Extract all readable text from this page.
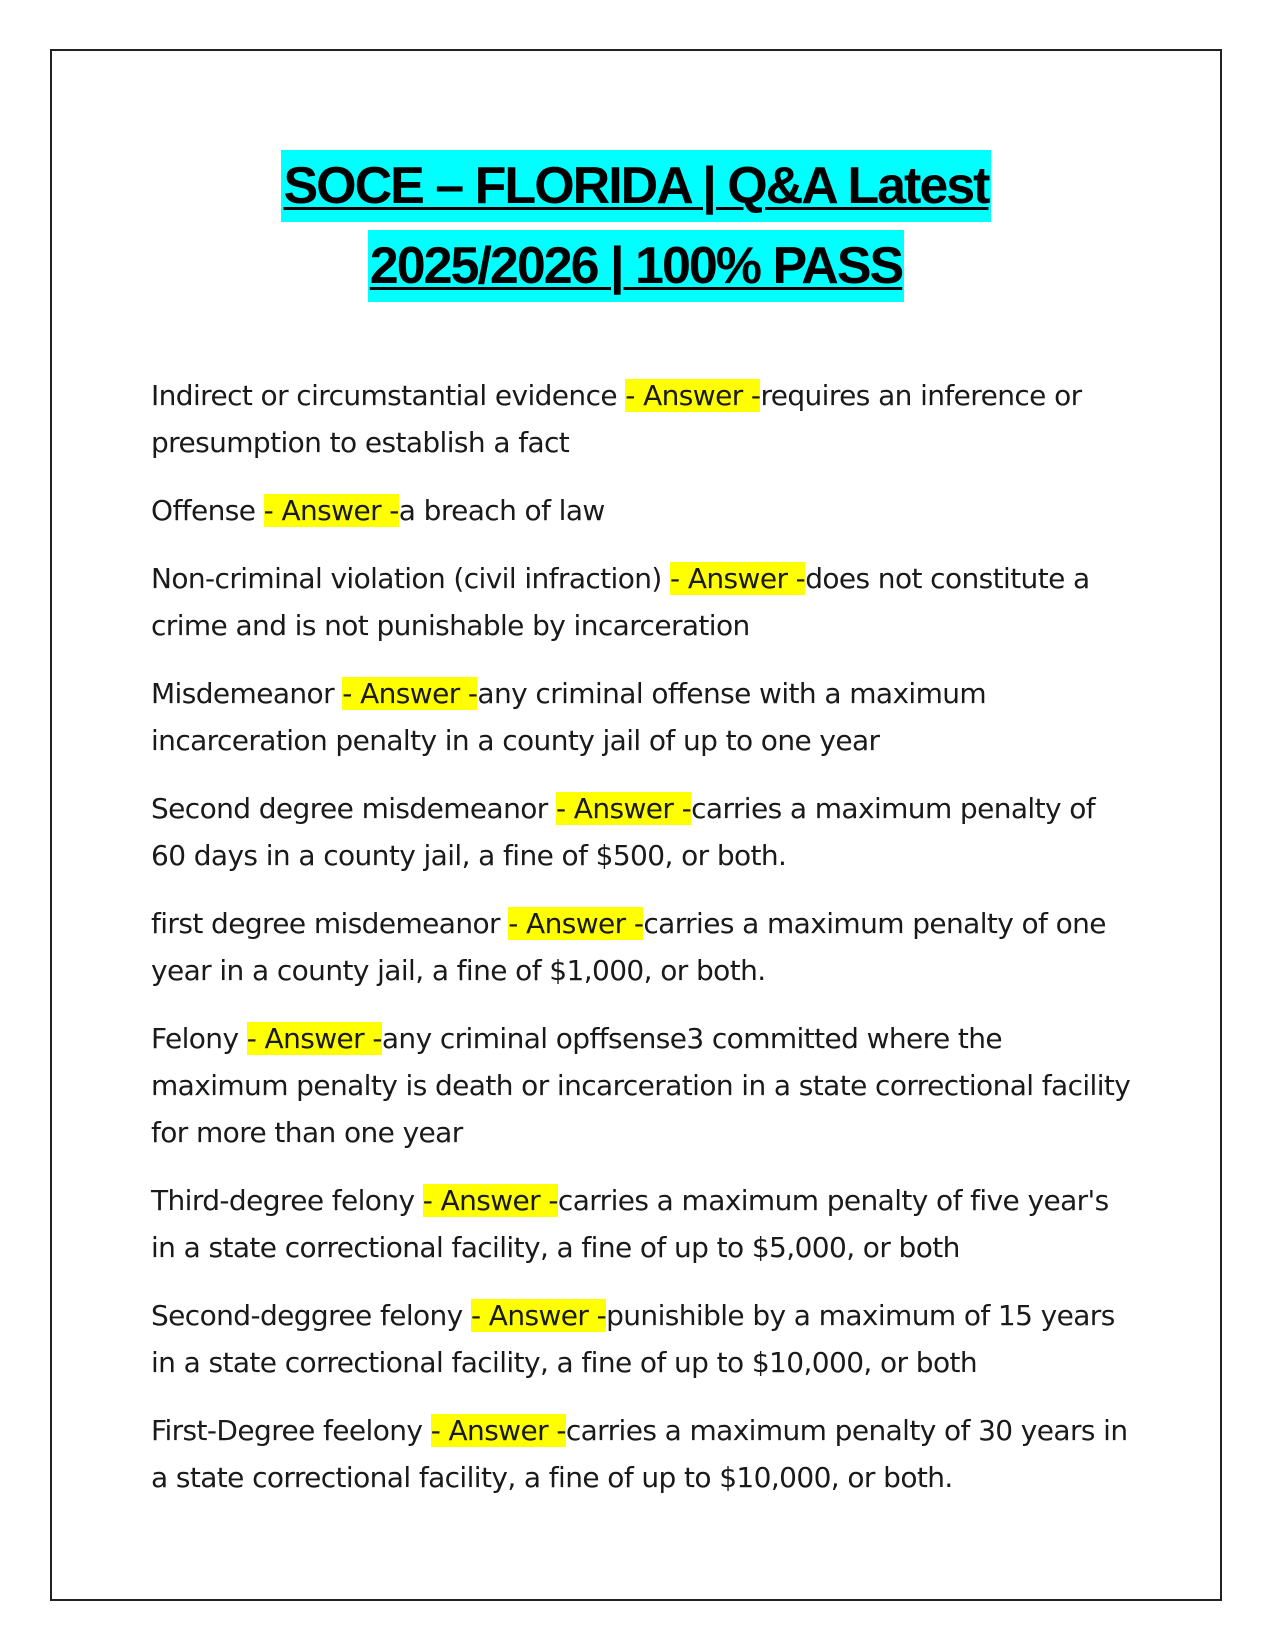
SOCE – FLORIDA | Q&A Latest
2025/2026 | 100% PASS

Indirect or circumstantial evidence - Answer -requires an inference or presumption to establish a fact

Offense - Answer -a breach of law

Non-criminal violation (civil infraction) - Answer -does not constitute a crime and is not punishable by incarceration

Misdemeanor - Answer -any criminal offense with a maximum incarceration penalty in a county jail of up to one year

Second degree misdemeanor - Answer -carries a maximum penalty of 60 days in a county jail, a fine of $500, or both.

first degree misdemeanor - Answer -carries a maximum penalty of one year in a county jail, a fine of $1,000, or both.

Felony - Answer -any criminal opffsense3 committed where the maximum penalty is death or incarceration in a state correctional facility for more than one year

Third-degree felony - Answer -carries a maximum penalty of five year's in a state correctional facility, a fine of up to $5,000, or both

Second-deggree felony - Answer -punishible by a maximum of 15 years in a state correctional facility, a fine of up to $10,000, or both

First-Degree feelony - Answer -carries a maximum penalty of 30 years in a state correctional facility, a fine of up to $10,000, or both.
